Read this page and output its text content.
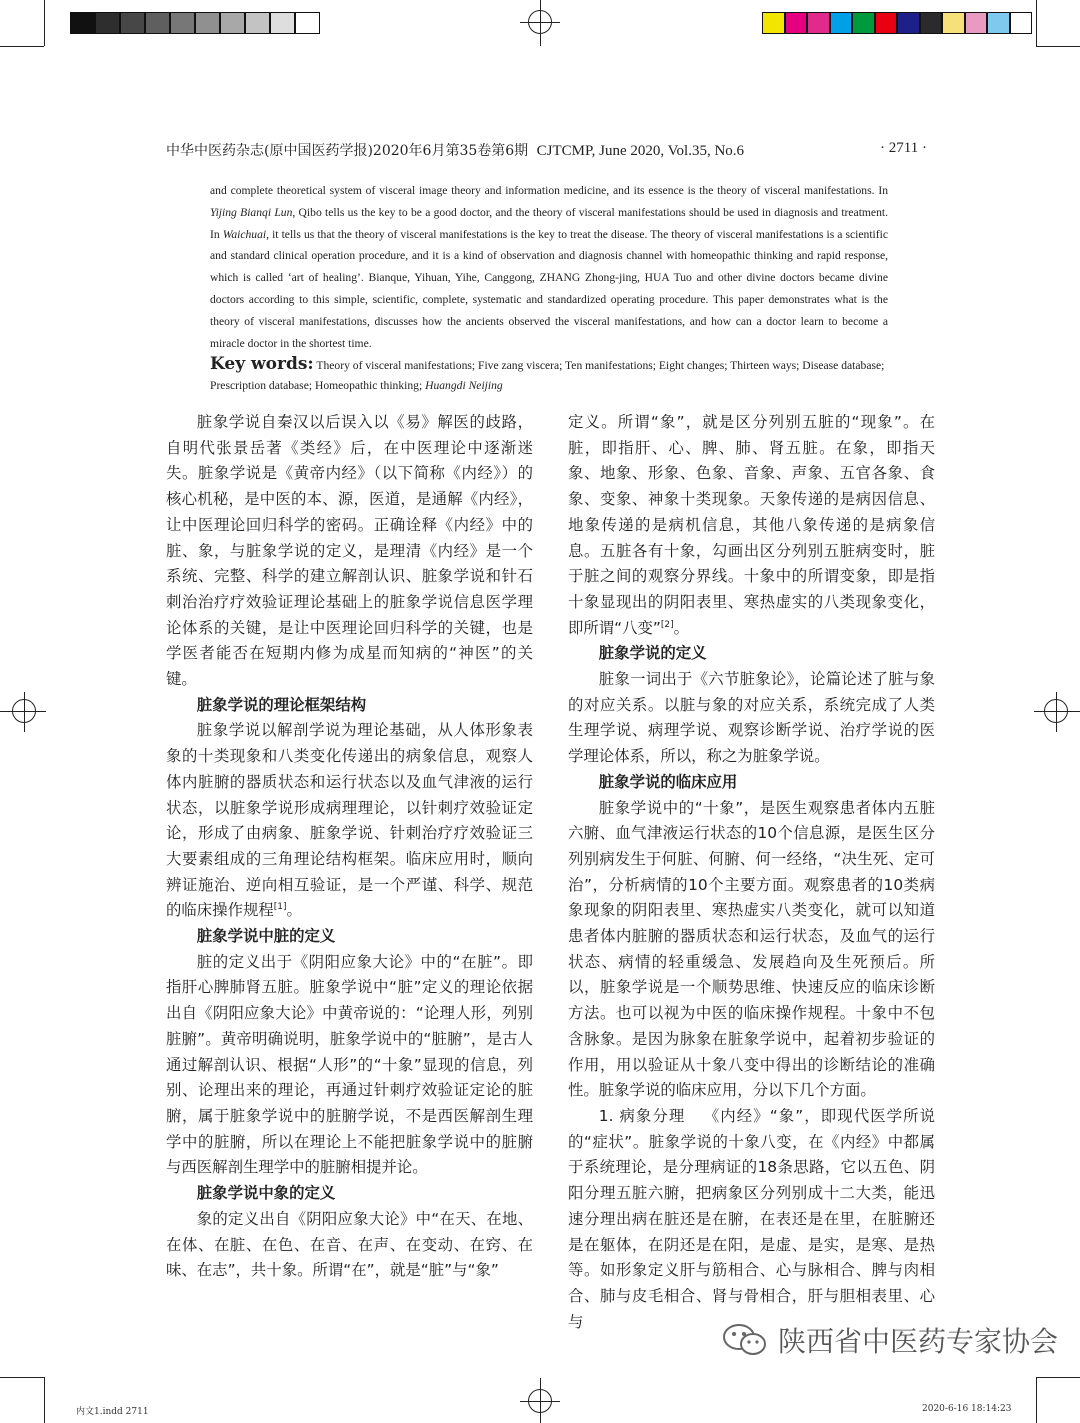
中华中医药杂志(原中国医药学报)2020年6月第35卷第6期 CJTCMP, June 2020, Vol.35, No.6	· 2711 ·

and complete theoretical system of visceral image theory and information medicine, and its essence is the theory of visceral manifestations. In Yijing Bianqi Lun, Qibo tells us the key to be a good doctor, and the theory of visceral manifestations should be used in diagnosis and treatment. In Waichuai, it tells us that the theory of visceral manifestations is the key to treat the disease. The theory of visceral manifestations is a scientific and standard clinical operation procedure, and it is a kind of observation and diagnosis channel with homeopathic thinking and rapid response, which is called ‘art of healing’. Bianque, Yihuan, Yihe, Canggong, ZHANG Zhong-jing, HUA Tuo and other divine doctors became divine doctors according to this simple, scientific, complete, systematic and standardized operating procedure. This paper demonstrates what is the theory of visceral manifestations, discusses how the ancients observed the visceral manifestations, and how can a doctor learn to become a miracle doctor in the shortest time.

Key words: Theory of visceral manifestations; Five zang viscera; Ten manifestations; Eight changes; Thirteen ways; Disease database; Prescription database; Homeopathic thinking; Huangdi Neijing

脏象学说自秦汉以后误入以《易》解医的歧路，自明代张景岳著《类经》后，在中医理论中逐渐迷失。脏象学说是《黄帝内经》（以下简称《内经》）的核心机秘，是中医的本、源，医道，是通解《内经》，让中医理论回归科学的密码。正确诠释《内经》中的脏、象，与脏象学说的定义，是理清《内经》是一个系统、完整、科学的建立解剖认识、脏象学说和针石刺治治疗疗效验证理论基础上的脏象学说信息医学理论体系的关键，是让中医理论回归科学的关键，也是学医者能否在短期内修为成星而知病的“神医”的关键。

脏象学说的理论框架结构

脏象学说以解剖学说为理论基础，从人体形象表象的十类现象和八类变化传递出的病象信息，观察人体内脏腑的器质状态和运行状态以及血气津液的运行状态，以脏象学说形成病理理论，以针刺疗效验证定论，形成了由病象、脏象学说、针刺治疗疗效验证三大要素组成的三角理论结构框架。临床应用时，顺向辨证施治、逆向相互验证，是一个严谨、科学、规范的临床操作规程[1]。

脏象学说中脏的定义

脏的定义出于《阴阳应象大论》中的“在脏”。即指肝心脾肺肾五脏。脏象学说中“脏”定义的理论依据出自《阴阳应象大论》中黄帝说的：“论理人形，列别脏腑”。黄帝明确说明，脏象学说中的“脏腑”，是古人通过解剖认识、根据“人形”的“十象”显现的信息，列别、论理出来的理论，再通过针刺疗效验证定论的脏腑，属于脏象学说中的脏腑学说，不是西医解剖生理学中的脏腑，所以在理论上不能把脏象学说中的脏腑与西医解剖生理学中的脏腑相提并论。

脏象学说中象的定义

象的定义出自《阴阳应象大论》中“在天、在地、在体、在脏、在色、在音、在声、在变动、在窍、在味、在志”，共十象。所谓“在”，就是“脏”与“象”

定义。所谓“象”，就是区分列别五脏的“现象”。在脏，即指肝、心、脾、肺、肾五脏。在象，即指天象、地象、形象、色象、音象、声象、五官各象、食象、变象、神象十类现象。天象传递的是病因信息、地象传递的是病机信息，其他八象传递的是病象信息。五脏各有十象，勾画出区分列别五脏病变时，脏于脏之间的观察分界线。十象中的所谓变象，即是指十象显现出的阴阳表里、寒热虚实的八类现象变化，即所谓“八变”[2]。

脏象学说的定义

脏象一词出于《六节脏象论》，论篇论述了脏与象的对应关系。以脏与象的对应关系，系统完成了人类生理学说、病理学说、观察诊断学说、治疗学说的医学理论体系，所以，称之为脏象学说。

脏象学说的临床应用

脏象学说中的“十象”，是医生观察患者体内五脏六腑、血气津液运行状态的10个信息源，是医生区分列别病发生于何脏、何腑、何一经络，“决生死、定可治”，分析病情的10个主要方面。观察患者的10类病象现象的阴阳表里、寒热虚实八类变化，就可以知道患者体内脏腑的器质状态和运行状态，及血气的运行状态、病情的轻重缓急、发展趋向及生死预后。所以，脏象学说是一个顺势思维、快速反应的临床诊断方法。也可以视为中医的临床操作规程。十象中不包含脉象。是因为脉象在脏象学说中，起着初步验证的作用，用以验证从十象八变中得出的诊断结论的准确性。脏象学说的临床应用，分以下几个方面。

1. 病象分理 《内经》“象”，即现代医学所说的“症状”。脏象学说的十象八变，在《内经》中都属于系统理论，是分理病证的18条思路，它以五色、阴阳分理五脏六腑，把病象区分列别成十二大类，能迅速分理出病在脏还是在腑，在表还是在里，在脏腑还是在躯体，在阴还是在阳，是虚、是实，是寒、是热等。如形象定义肝与筋相合、心与脉相合、脾与肉相合、肺与皮毛相合、肾与骨相合，肝与胆相表里、心与

陕西省中医药专家协会
内文1.indd 2711	2020-6-16 18:14:23
